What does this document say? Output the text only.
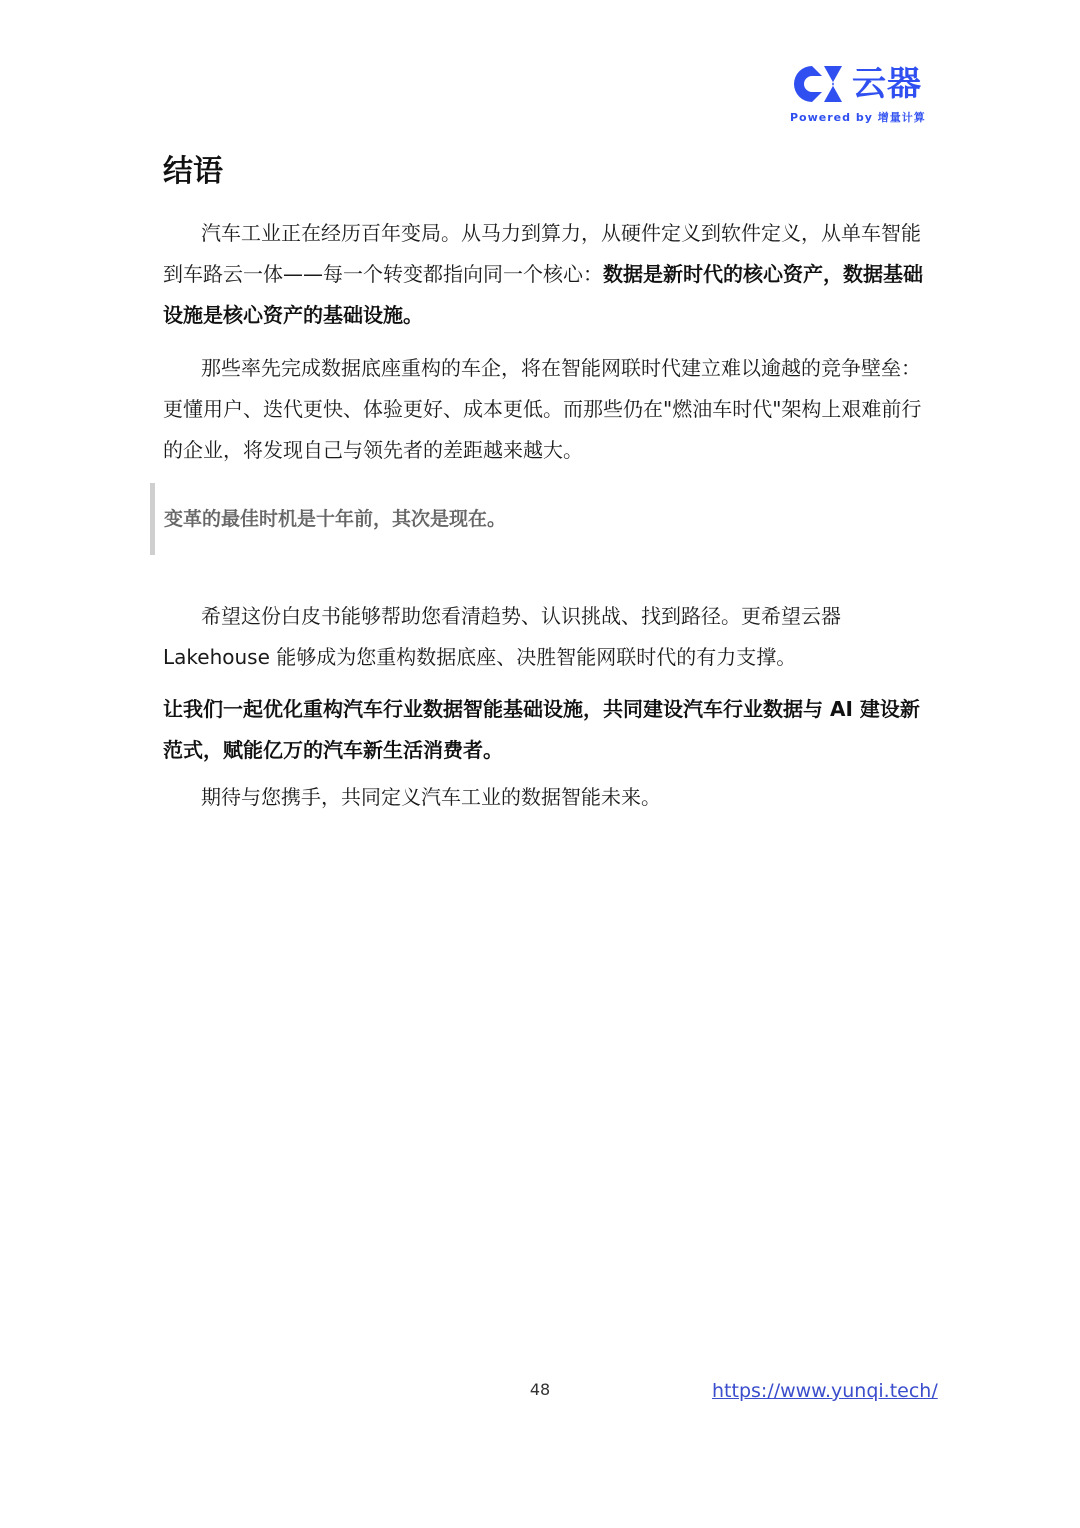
云器
Powered by 增量计算
结语

汽车工业正在经历百年变局。从马力到算力，从硬件定义到软件定义，从单车智能到车路云一体——每一个转变都指向同一个核心：数据是新时代的核心资产，数据基础设施是核心资产的基础设施。

那些率先完成数据底座重构的车企，将在智能网联时代建立难以逾越的竞争壁垒：更懂用户、迭代更快、体验更好、成本更低。而那些仍在"燃油车时代"架构上艰难前行的企业，将发现自己与领先者的差距越来越大。

希望这份白皮书能够帮助您看清趋势、认识挑战、找到路径。更希望云器 Lakehouse 能够成为您重构数据底座、决胜智能网联时代的有力支撑。

让我们一起优化重构汽车行业数据智能基础设施，共同建设汽车行业数据与 AI 建设新范式，赋能亿万的汽车新生活消费者。

期待与您携手，共同定义汽车工业的数据智能未来。

变革的最佳时机是十年前，其次是现在。
48	https://www.yunqi.tech/
